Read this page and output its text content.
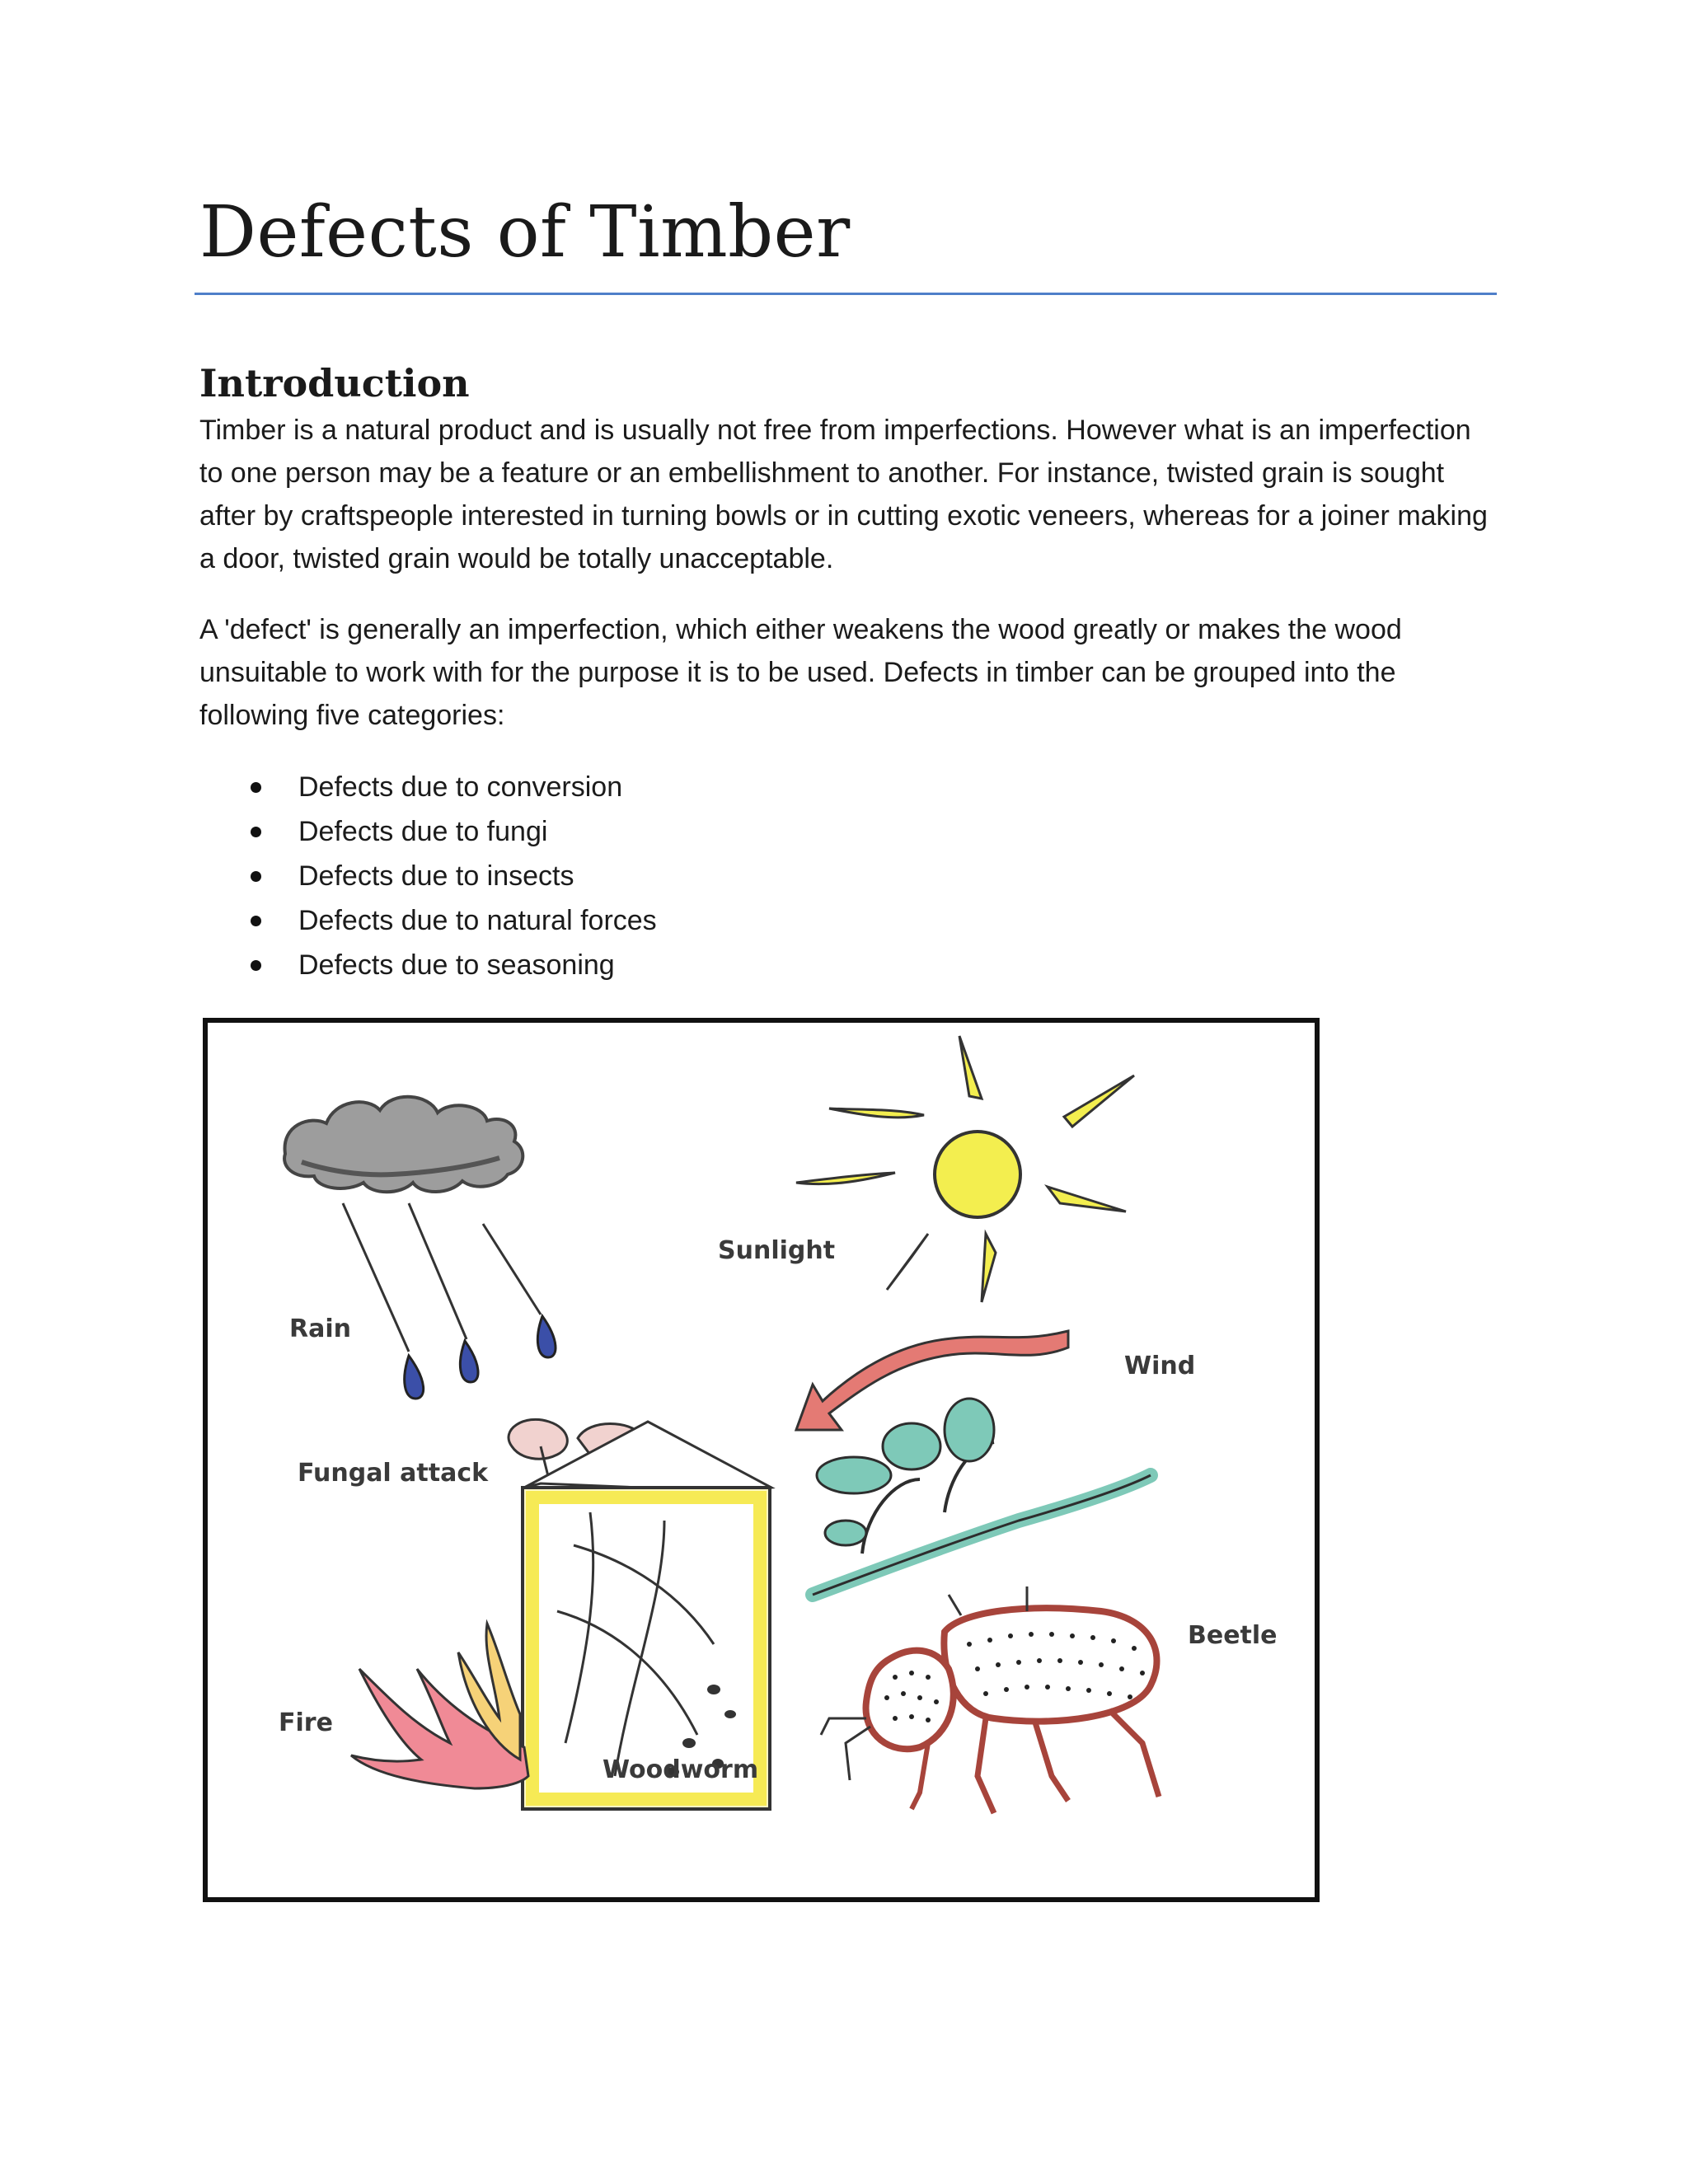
Defects of Timber
Introduction

Timber is a natural product and is usually not free from imperfections. However what is an imperfection to one person may be a feature or an embellishment to another. For instance, twisted grain is sought after by craftspeople interested in turning bowls or in cutting exotic veneers, whereas for a joiner making a door, twisted grain would be totally unacceptable.

A 'defect' is generally an imperfection, which either weakens the wood greatly or makes the wood unsuitable to work with for the purpose it is to be used. Defects in timber can be grouped into the following five categories:

Defects due to conversion
Defects due to fungi
Defects due to insects
Defects due to natural forces
Defects due to seasoning
Sunlight
Rain
Wind
Fungal attack
Beetle
Fire
Woodworm
